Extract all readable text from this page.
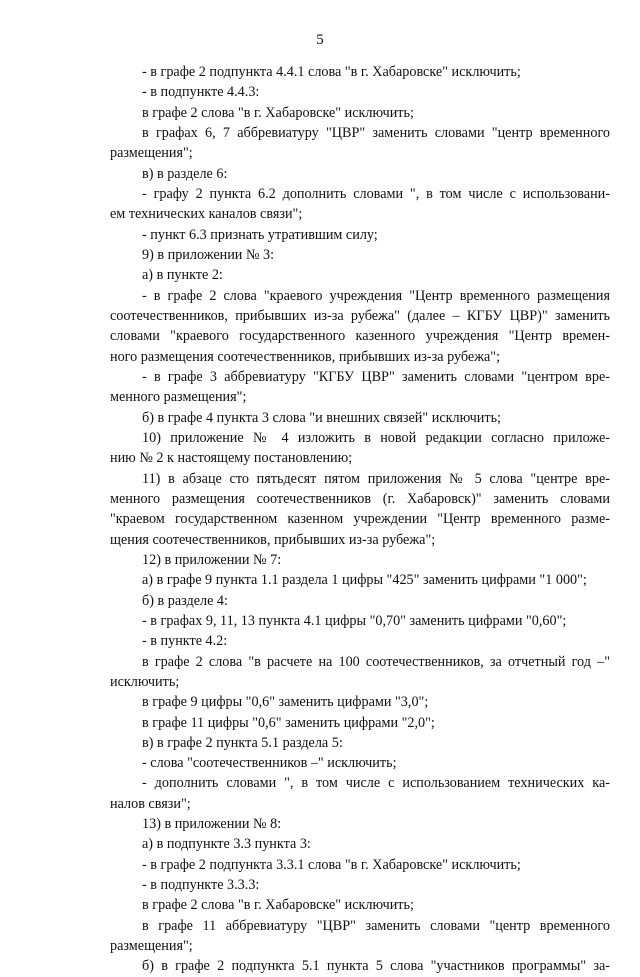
5
- в графе 2 подпункта 4.4.1 слова "в г. Хабаровске" исключить;
- в подпункте 4.4.3:
в графе 2 слова "в г. Хабаровске" исключить;
в графах 6, 7 аббревиатуру "ЦВР" заменить словами "центр временного
размещения";
в) в разделе 6:
- графу 2 пункта 6.2 дополнить словами ", в том числе с использовани-
ем технических каналов связи";
- пункт 6.3 признать утратившим силу;
9) в приложении № 3:
а) в пункте 2:
- в графе 2 слова "краевого учреждения "Центр временного размещения
соотечественников, прибывших из-за рубежа" (далее – КГБУ ЦВР)" заменить
словами "краевого государственного казенного учреждения "Центр времен-
ного размещения соотечественников, прибывших из-за рубежа";
- в графе 3 аббревиатуру "КГБУ ЦВР" заменить словами "центром вре-
менного размещения";
б) в графе 4 пункта 3 слова "и внешних связей" исключить;
10) приложение № 4 изложить в новой редакции согласно приложе-
нию № 2 к настоящему постановлению;
11) в абзаце сто пятьдесят пятом приложения № 5 слова "центре вре-
менного размещения соотечественников (г. Хабаровск)" заменить словами
"краевом государственном казенном учреждении "Центр временного разме-
щения соотечественников, прибывших из-за рубежа";
12) в приложении № 7:
а) в графе 9 пункта 1.1 раздела 1 цифры "425" заменить цифрами "1 000";
б) в разделе 4:
- в графах 9, 11, 13 пункта 4.1 цифры "0,70" заменить цифрами "0,60";
- в пункте 4.2:
в графе 2 слова "в расчете на 100 соотечественников, за отчетный год –"
исключить;
в графе 9 цифры "0,6" заменить цифрами "3,0";
в графе 11 цифры "0,6" заменить цифрами "2,0";
в) в графе 2 пункта 5.1 раздела 5:
- слова "соотечественников –" исключить;
- дополнить словами ", в том числе с использованием технических ка-
налов связи";
13) в приложении № 8:
а) в подпункте 3.3 пункта 3:
- в графе 2 подпункта 3.3.1 слова "в г. Хабаровске" исключить;
- в подпункте 3.3.3:
в графе 2 слова "в г. Хабаровске" исключить;
в графе 11 аббревиатуру "ЦВР" заменить словами "центр временного
размещения";
б) в графе 2 подпункта 5.1 пункта 5 слова "участников программы" за-
